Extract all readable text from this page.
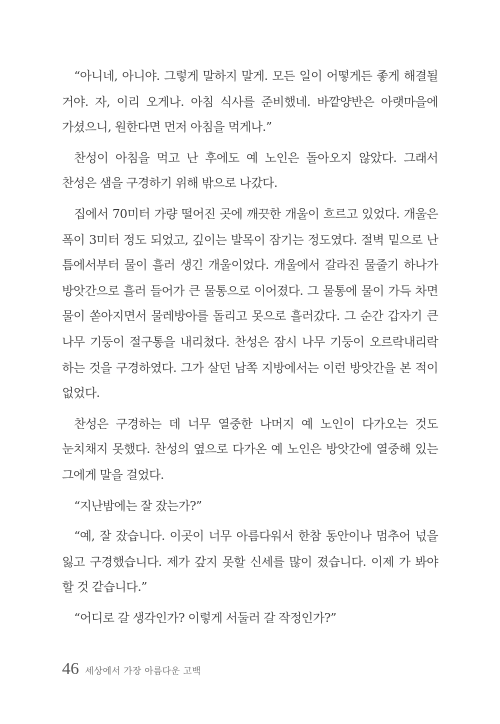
“아니네, 아니야. 그렇게 말하지 말게. 모든 일이 어떻게든 좋게 해결될 거야. 자, 이리 오게나. 아침 식사를 준비했네. 바깥양반은 아랫마을에 가셨으니, 원한다면 먼저 아침을 먹게나.”

찬성이 아침을 먹고 난 후에도 예 노인은 돌아오지 않았다. 그래서 찬성은 샘을 구경하기 위해 밖으로 나갔다.

집에서 70미터 가량 떨어진 곳에 깨끗한 개울이 흐르고 있었다. 개울은 폭이 3미터 정도 되었고, 깊이는 발목이 잠기는 정도였다. 절벽 밑으로 난 틈에서부터 물이 흘러 생긴 개울이었다. 개울에서 갈라진 물줄기 하나가 방앗간으로 흘러 들어가 큰 물통으로 이어졌다. 그 물통에 물이 가득 차면 물이 쏟아지면서 물레방아를 돌리고 못으로 흘러갔다. 그 순간 갑자기 큰 나무 기둥이 절구통을 내리쳤다. 찬성은 잠시 나무 기둥이 오르락내리락 하는 것을 구경하였다. 그가 살던 남쪽 지방에서는 이런 방앗간을 본 적이 없었다.

찬성은 구경하는 데 너무 열중한 나머지 예 노인이 다가오는 것도 눈치채지 못했다. 찬성의 옆으로 다가온 예 노인은 방앗간에 열중해 있는 그에게 말을 걸었다.

“지난밤에는 잘 잤는가?”

“예, 잘 잤습니다. 이곳이 너무 아름다워서 한참 동안이나 멈추어 넋을 잃고 구경했습니다. 제가 갚지 못할 신세를 많이 졌습니다. 이제 가 봐야 할 것 같습니다.”

“어디로 갈 생각인가? 이렇게 서둘러 갈 작정인가?”

46 세상에서 가장 아름다운 고백
